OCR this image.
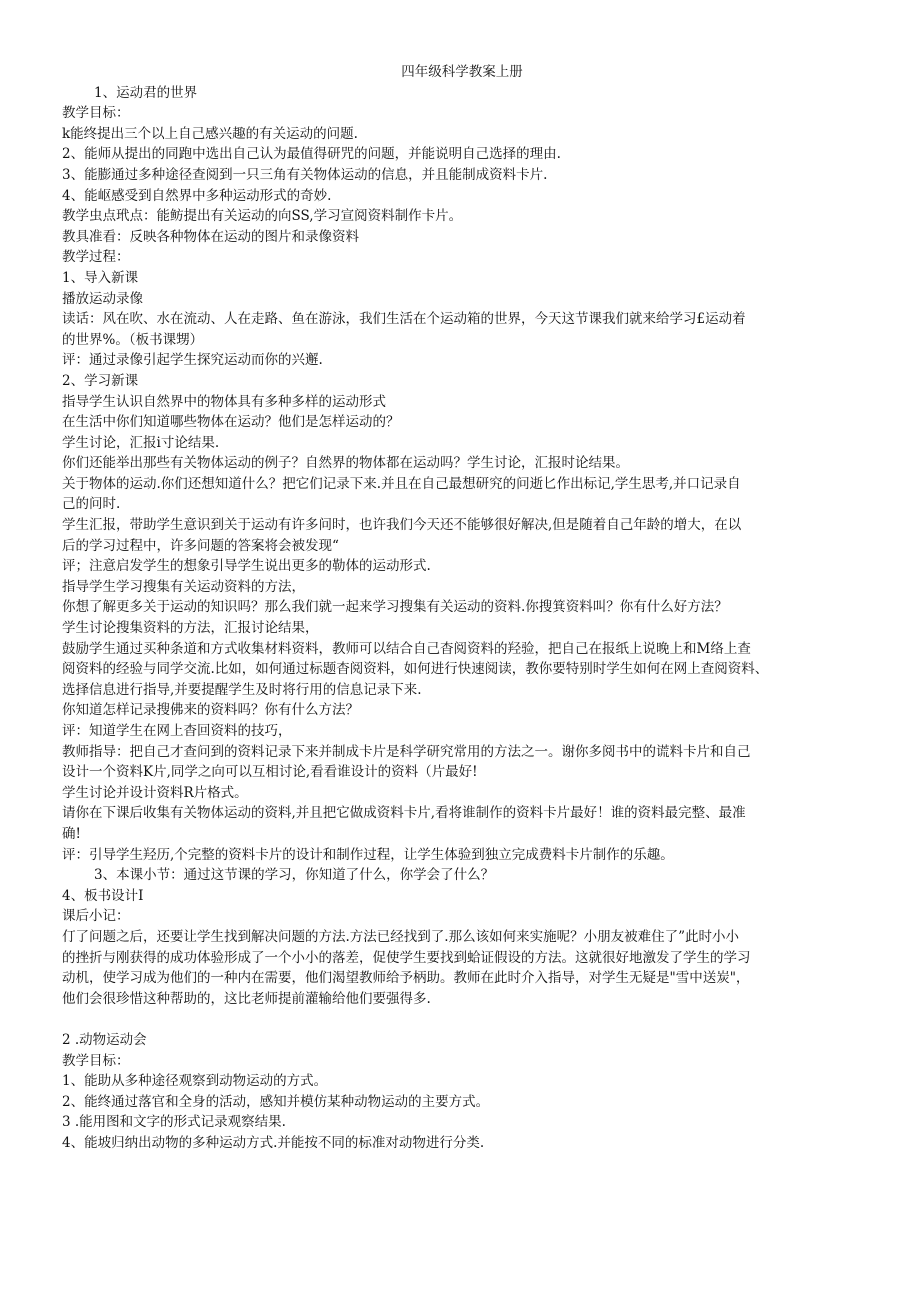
四年级科学教案上册
1、运动君的世界
教学目标：
k能终提出三个以上自己感兴趣的有关运动的问题.
2、能师从提出的同跑中选出自己认为最值得研咒的问题，并能说明自己选择的理由.
3、能膨通过多种途径查阅到一只三角有关物体运动的信息，并且能制成资料卡片.
4、能岖感受到自然界中多种运动形式的奇妙.
教学虫点玳点：能鲂提出有关运动的向SS,学习宣阅资料制作卡片。
教具准看：反映各种物体在运动的图片和录像资料
教学过程：
1、导入新课
播放运动录像
读话：风在吹、水在流动、人在走路、鱼在游泳，我们生活在个运动箱的世界，今天这节课我们就来给学习£运动着
的世界%。（板书课甥）
评：通过录像引起学生探究运动而你的兴邂.
2、学习新课
指导学生认识自然界中的物体具有多种多样的运动形式
在生活中你们知道哪些物体在运动？他们是怎样运动的？
学生讨论，汇报i寸论结果.
你们还能举出那些有关物体运动的例子？自然界的物体都在运动吗？学生讨论，汇报时论结果。
关于物体的运动.你们还想知道什么？把它们记录下来.并且在自己最想研究的问逝匕作出标记,学生思考,并口记录自
己的问时.
学生汇报，带助学生意识到关于运动有许多问时，也许我们今天还不能够很好解决,但是随着自己年龄的增大，在以
后的学习过程中，许多问题的答案将会被发现“
评；注意启发学生的想象引导学生说出更多的勒体的运动形式.
指导学生学习搜集有关运动资料的方法，
你想了解更多关于运动的知识吗？那么我们就一起来学习搜集有关运动的资料.你搜箕资料叫？你有什么好方法？
学生讨论搜集资料的方法，汇报讨论结果，
鼓励学生通过买种条道和方式收集材料资料，教师可以结合自己杳阅资料的羟验，把自己在报纸上说晚上和M络上查
阅资料的经验与同学交流.比如，如何通过标题杳阅资料，如何进行快速阅读，教你要特别时学生如何在网上查阅资料、
选择信息进行指导,并要提醒学生及时将行用的信息记录下来.
你知道怎样记录搜佛来的资料吗？你有什么方法？
评：知道学生在网上杳回资料的技巧，
教师指导：把自己才查问到的资料记录下来并制成卡片是科学研究常用的方法之一。谢你多阅书中的谎料卡片和自己
设计一个资料K片,同学之向可以互相讨论,看看谁设计的资料（片最好!
学生讨论并设计资料R片格式。
请你在下课后收集有关物体运动的资料,并且把它做成资料卡片,看将谁制作的资料卡片最好！谁的资料最完整、最准
确!
评：引导学生羟历,个完整的资料卡片的设计和制作过程，让学生体验到独立完成费料卡片制作的乐趣。
3、本课小节：通过这节课的学习，你知道了什么，你学会了什么？
4、板书设计I
课后小记：
仃了问题之后，还要让学生找到解决问题的方法.方法已经找到了.那么该如何来实施呢？小朋友被难住了”此时小小
的挫折与刚获得的成功体验形成了一个小小的落差，促使学生要找到蛤证假设的方法。这就很好地激发了学生的学习
动机，使学习成为他们的一种内在需要，他们渴望教师给予柄助。教师在此时介入指导，对学生无疑是"雪中送炭"，
他们会很珍惜这种帮助的，这比老师提前灌输给他们要强得多.
2 .动物运动会
教学目标：
1、能助从多种途径观察到动物运动的方式。
2、能终通过落官和全身的活动，感知并模仿某种动物运动的主要方式。
3 .能用图和文字的形式记录观察结果.
4、能坡归纳出动物的多种运动方式.并能按不同的标准对动物进行分类.
